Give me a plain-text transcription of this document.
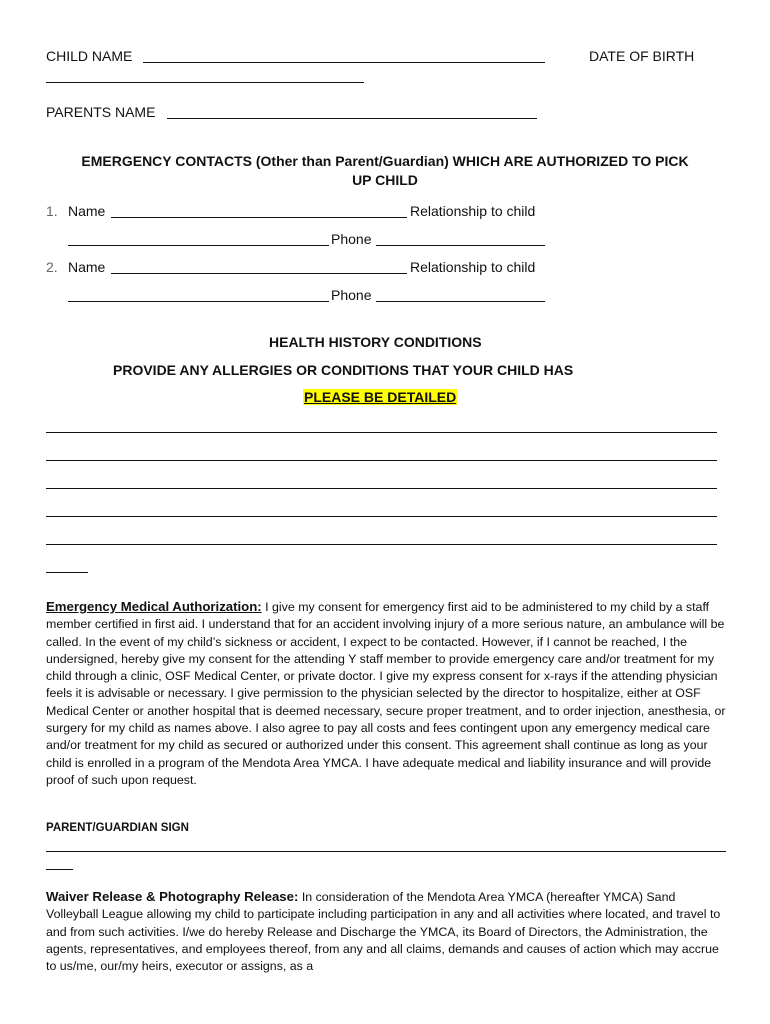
CHILD NAME	DATE OF BIRTH
PARENTS NAME
EMERGENCY CONTACTS (Other than Parent/Guardian) WHICH ARE AUTHORIZED TO PICK
UP CHILD
1. Name	Relationship to child
Phone
2. Name	Relationship to child
Phone
HEALTH HISTORY CONDITIONS
PROVIDE ANY ALLERGIES OR CONDITIONS THAT YOUR CHILD HAS
PLEASE BE DETAILED
Emergency Medical Authorization: I give my consent for emergency first aid to be administered to my child by a staff member certified in first aid. I understand that for an accident involving injury of a more serious nature, an ambulance will be called. In the event of my child’s sickness or accident, I expect to be contacted. However, if I cannot be reached, I the undersigned, hereby give my consent for the attending Y staff member to provide emergency care and/or treatment for my child through a clinic, OSF Medical Center, or private doctor. I give my express consent for x-rays if the attending physician feels it is advisable or necessary. I give permission to the physician selected by the director to hospitalize, either at OSF Medical Center or another hospital that is deemed necessary, secure proper treatment, and to order injection, anesthesia, or surgery for my child as names above. I also agree to pay all costs and fees contingent upon any emergency medical care and/or treatment for my child as secured or authorized under this consent. This agreement shall continue as long as your child is enrolled in a program of the Mendota Area YMCA. I have adequate medical and liability insurance and will provide proof of such upon request.
PARENT/GUARDIAN SIGN
Waiver Release & Photography Release: In consideration of the Mendota Area YMCA (hereafter YMCA) Sand Volleyball League allowing my child to participate including participation in any and all activities where located, and travel to and from such activities. I/we do hereby Release and Discharge the YMCA, its Board of Directors, the Administration, the agents, representatives, and employees thereof, from any and all claims, demands and causes of action which may accrue to us/me, our/my heirs, executor or assigns, as a
